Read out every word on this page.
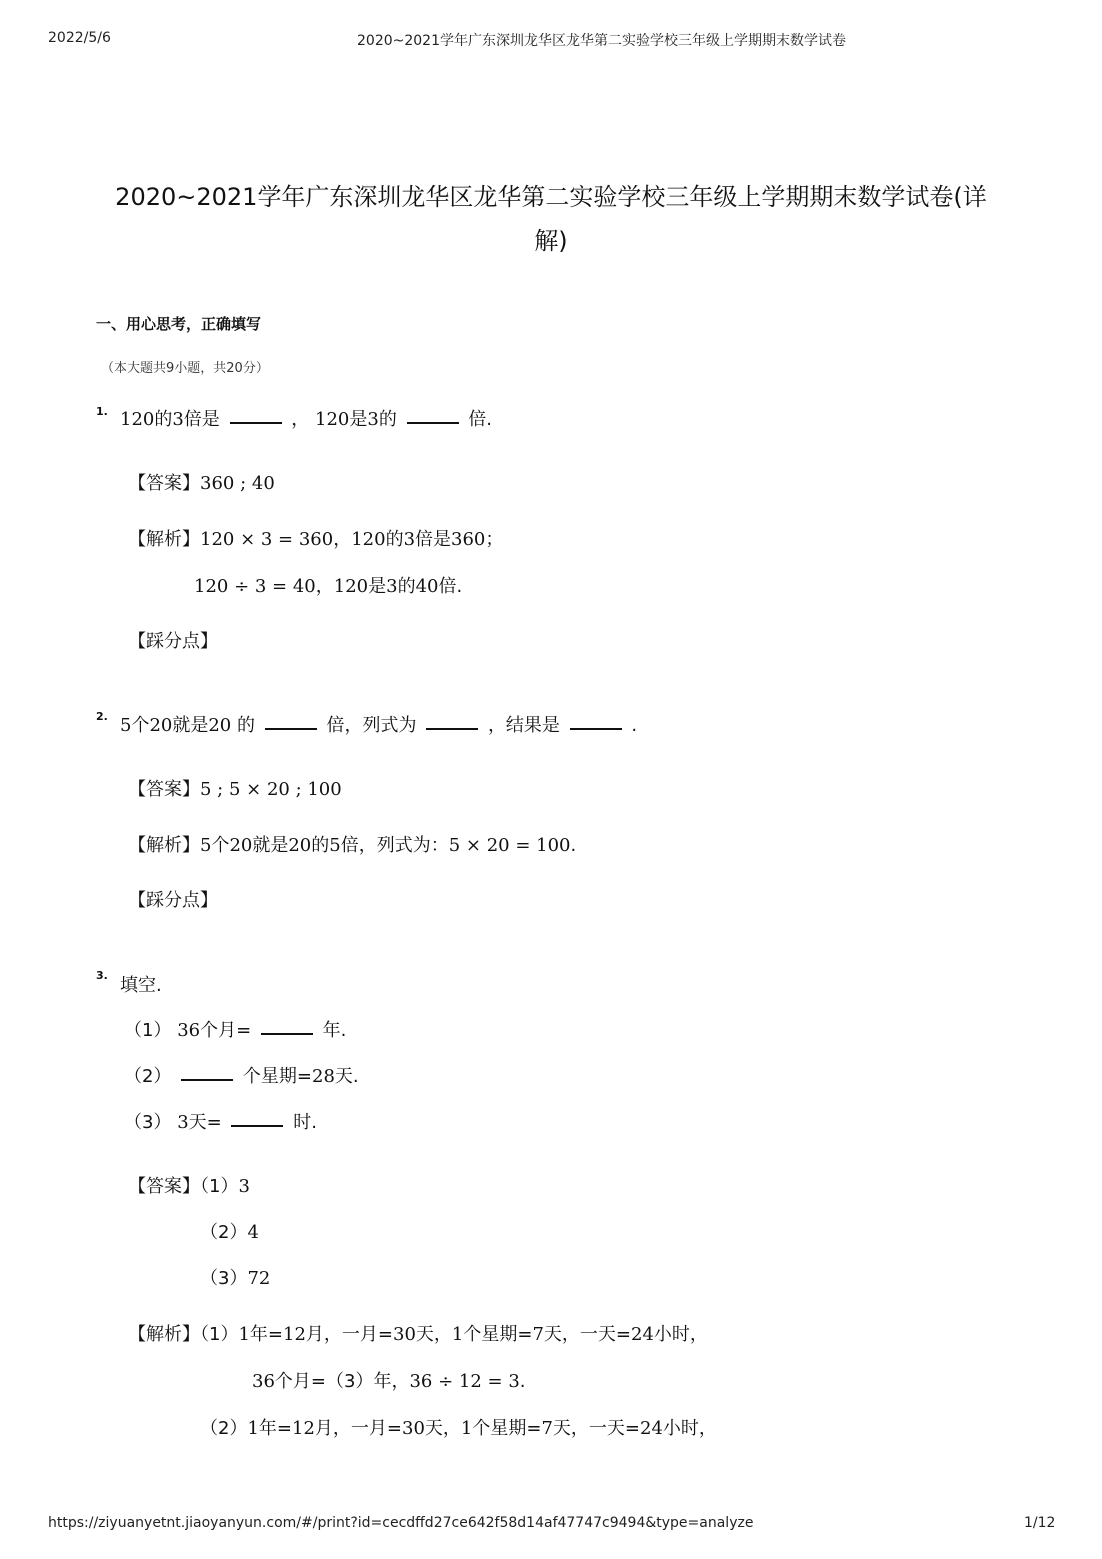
2022/5/6	2020~2021学年广东深圳龙华区龙华第二实验学校三年级上学期期末数学试卷
2020~2021学年广东深圳龙华区龙华第二实验学校三年级上学期期末数学试卷(详
解)
一、用心思考，正确填写
（本大题共9小题，共20分）
1. 120的3倍是	， 120是3的	倍.
【答案】360 ; 40
【解析】120 × 3 = 360，120的3倍是360；
120 ÷ 3 = 40，120是3的40倍.
【踩分点】
2. 5个20就是20 的	倍，列式为	，结果是	.
【答案】5 ; 5 × 20 ; 100
【解析】5个20就是20的5倍，列式为：5 × 20 = 100.
【踩分点】
3. 填空.
（1） 36个月=	年.
（2）	个星期=28天.
（3） 3天=	时.
【答案】（1）3
（2）4
（3）72
【解析】（1）1年=12月，一月=30天，1个星期=7天，一天=24小时，
36个月=（3）年，36 ÷ 12 = 3.
（2）1年=12月，一月=30天，1个星期=7天，一天=24小时，
https://ziyuanyetnt.jiaoyanyun.com/#/print?id=cecdffd27ce642f58d14af47747c9494&type=analyze	1/12
